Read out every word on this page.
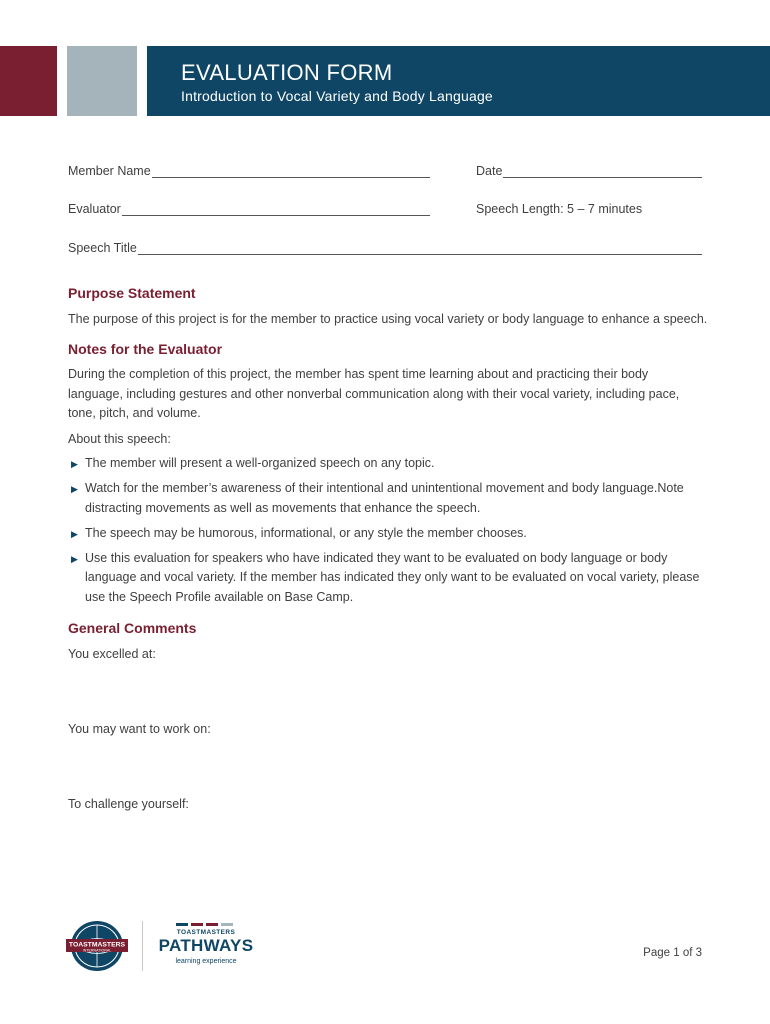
EVALUATION FORM
Introduction to Vocal Variety and Body Language
Member Name	Date
Evaluator	Speech Length: 5 – 7 minutes
Speech Title
Purpose Statement
The purpose of this project is for the member to practice using vocal variety or body language to enhance a speech.
Notes for the Evaluator
During the completion of this project, the member has spent time learning about and practicing their body language, including gestures and other nonverbal communication along with their vocal variety, including pace, tone, pitch, and volume.
About this speech:
▶ The member will present a well-organized speech on any topic.
▶ Watch for the member’s awareness of their intentional and unintentional movement and body language.Note distracting movements as well as movements that enhance the speech.
▶ The speech may be humorous, informational, or any style the member chooses.
▶ Use this evaluation for speakers who have indicated they want to be evaluated on body language or body language and vocal variety. If the member has indicated they only want to be evaluated on vocal variety, please use the Speech Profile available on Base Camp.
General Comments
You excelled at:
You may want to work on:
To challenge yourself:
TOASTMASTERS
INTERNATIONAL
TOASTMASTERS
PATHWAYS
learning experience
Page 1 of 3
